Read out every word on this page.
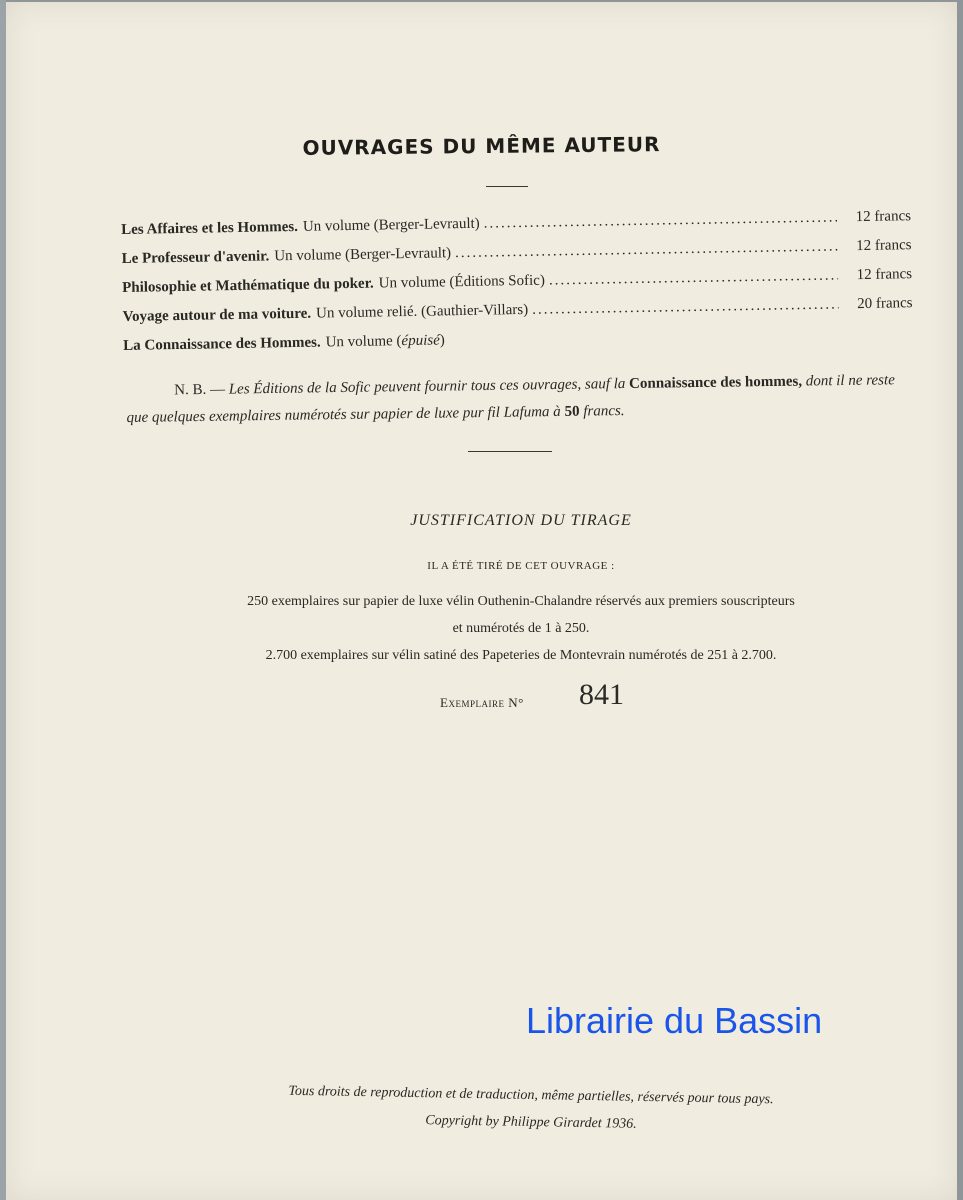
OUVRAGES DU MÊME AUTEUR
Les Affaires et les Hommes. Un volume (Berger-Levrault) .....	12 francs
Le Professeur d'avenir. Un volume (Berger-Levrault) .....	12 francs
Philosophie et Mathématique du poker. Un volume (Éditions Sofic) .....	12 francs
Voyage autour de ma voiture. Un volume relié. (Gauthier-Villars) .....	20 francs
La Connaissance des Hommes. Un volume (épuisé)
N. B. — Les Éditions de la Sofic peuvent fournir tous ces ouvrages, sauf la Connaissance des hommes, dont il ne reste que quelques exemplaires numérotés sur papier de luxe pur fil Lafuma à 50 francs.
JUSTIFICATION DU TIRAGE
IL A ÉTÉ TIRÉ DE CET OUVRAGE :
250 exemplaires sur papier de luxe vélin Outhenin-Chalandre réservés aux premiers souscripteurs
et numérotés de 1 à 250.
2.700 exemplaires sur vélin satiné des Papeteries de Montevrain numérotés de 251 à 2.700.
Exemplaire N° 841
Librairie du Bassin
Tous droits de reproduction et de traduction, même partielles, réservés pour tous pays.
Copyright by Philippe Girardet 1936.
